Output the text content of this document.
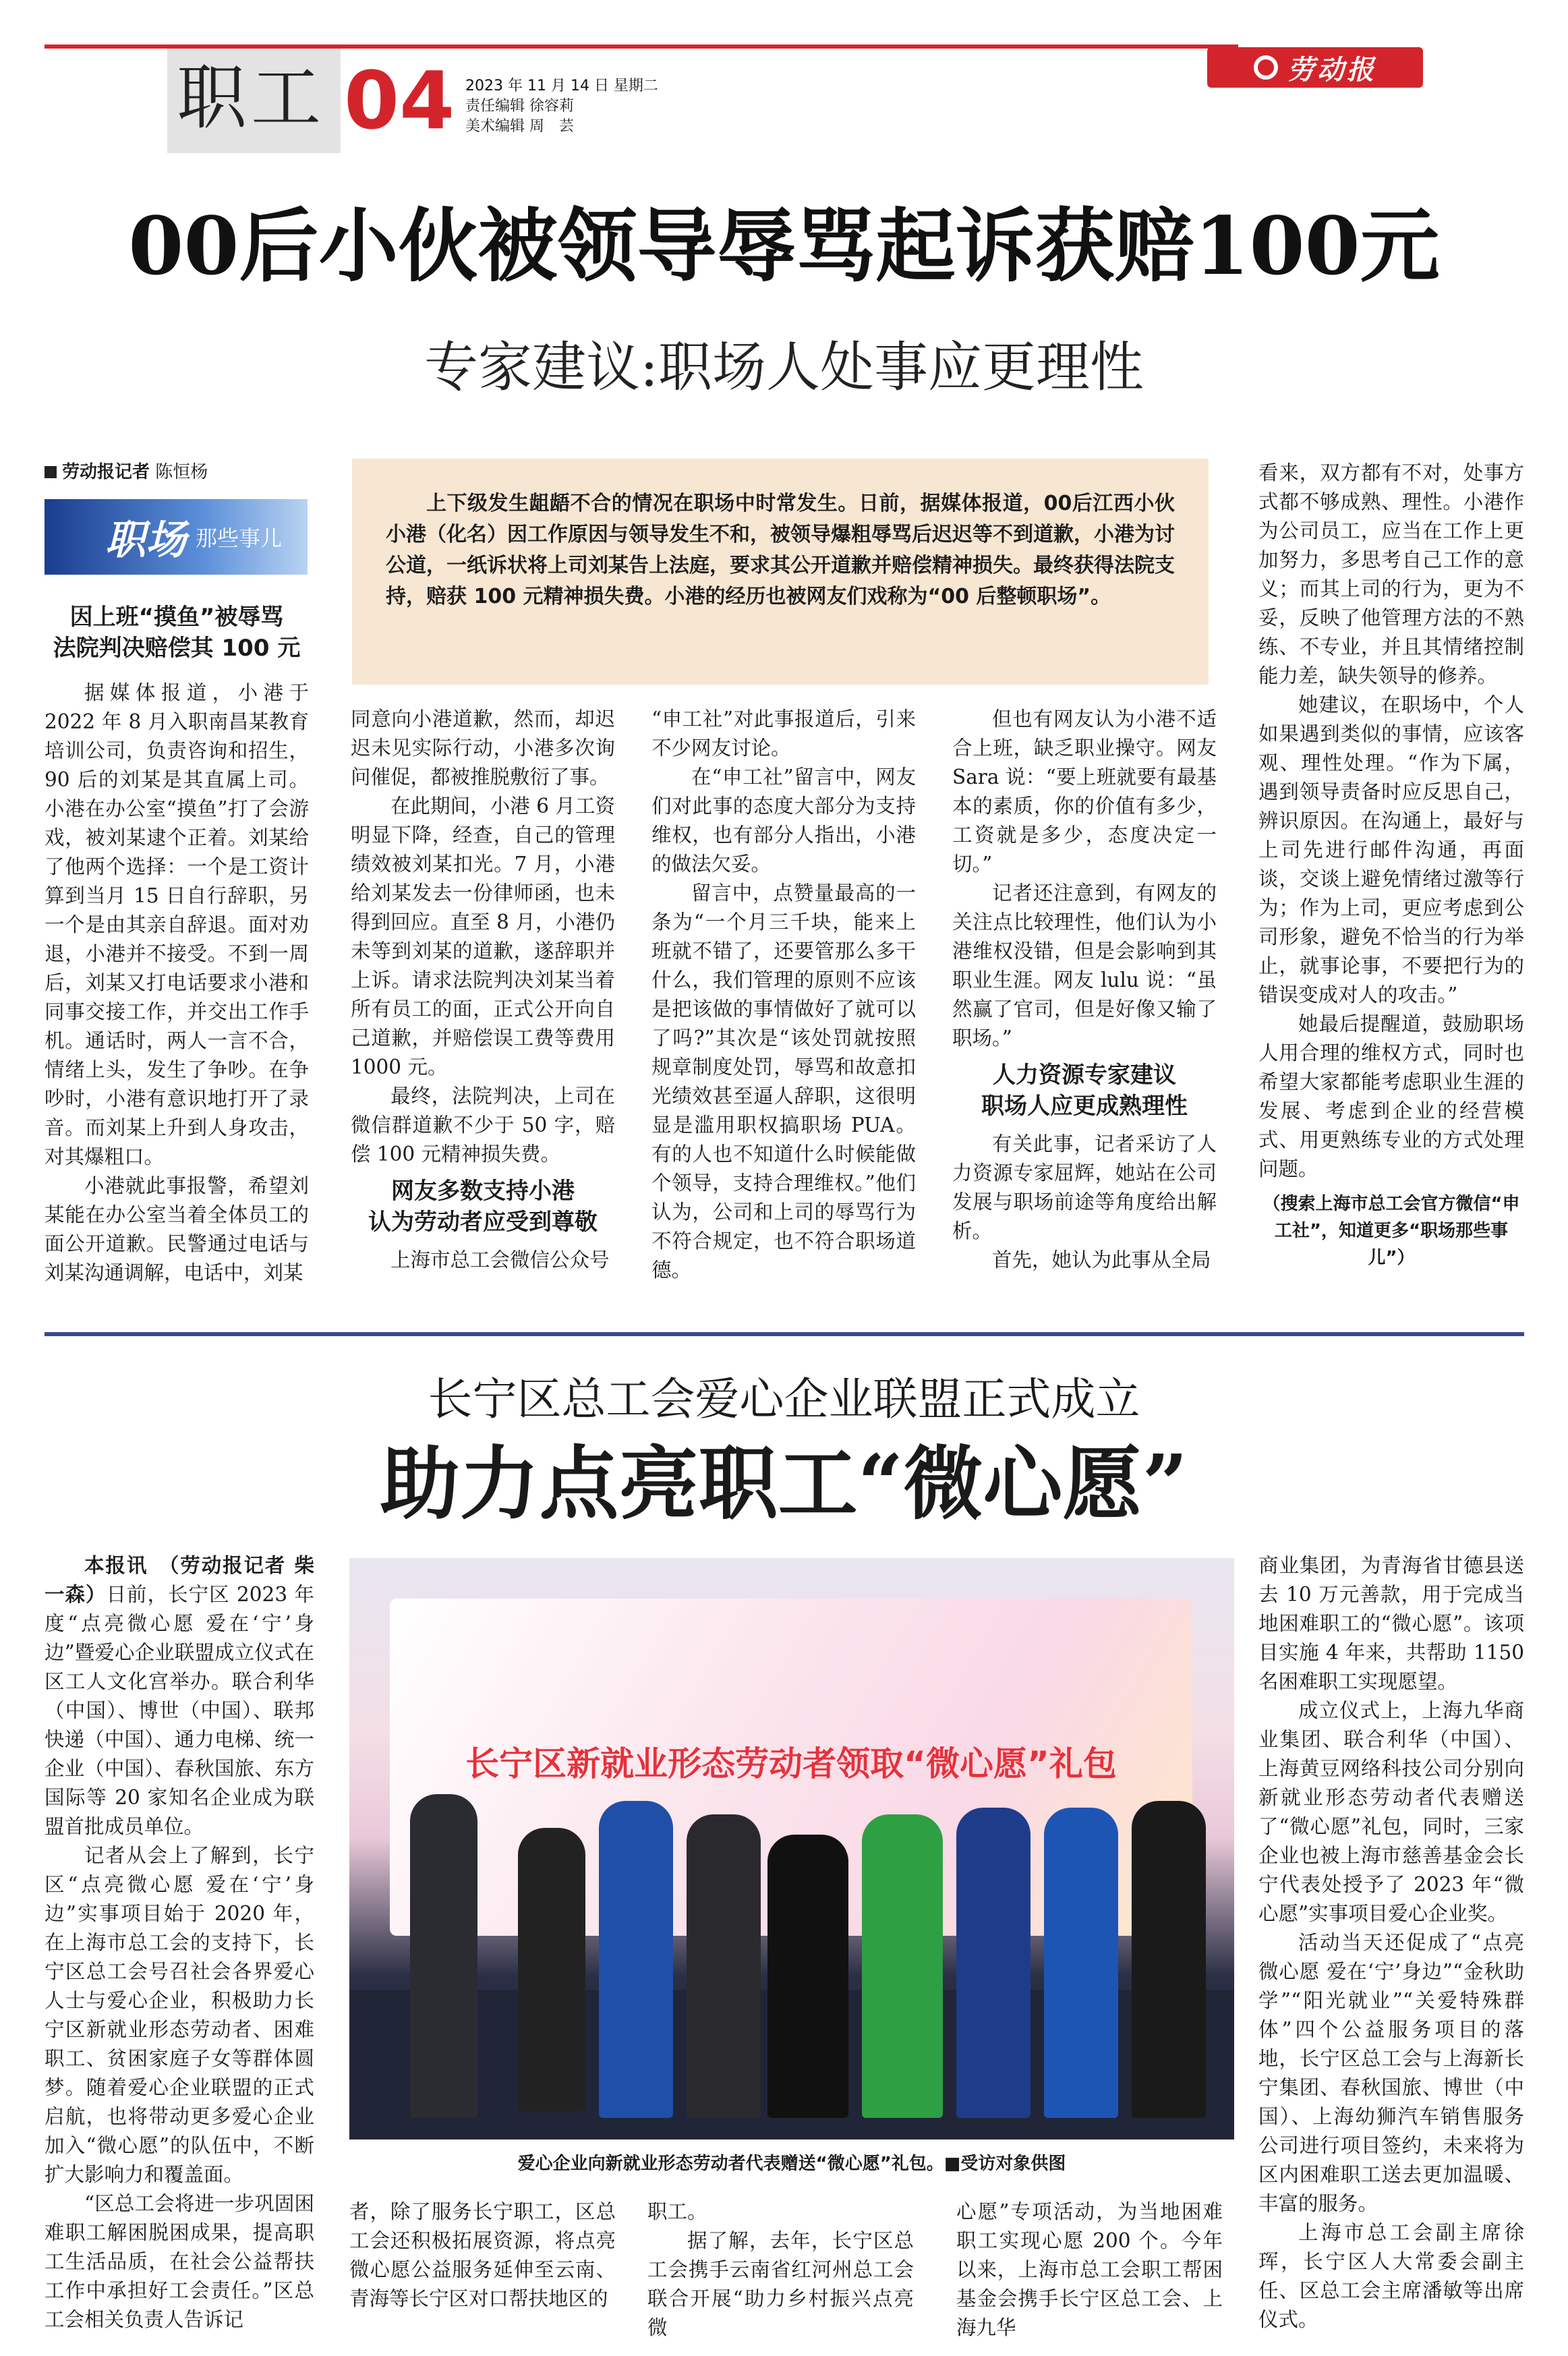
职工 04 2023 年 11 月 14 日 星期二
责任编辑 徐容莉
美术编辑 周　芸
劳动报
00后小伙被领导辱骂起诉获赔100元
专家建议:职场人处事应更理性
劳动报记者 陈恒杨
职场 那些事儿

上下级发生龃龉不合的情况在职场中时常发生。日前，据媒体报道，00后江西小伙小港（化名）因工作原因与领导发生不和，被领导爆粗辱骂后迟迟等不到道歉，小港为讨公道，一纸诉状将上司刘某告上法庭，要求其公开道歉并赔偿精神损失。最终获得法院支持，赔获 100 元精神损失费。小港的经历也被网友们戏称为“00 后整顿职场”。

因上班“摸鱼”被辱骂
法院判决赔偿其 100 元

据媒体报道，小港于 2022 年 8 月入职南昌某教育培训公司，负责咨询和招生，90 后的刘某是其直属上司。小港在办公室“摸鱼”打了会游戏，被刘某逮个正着。刘某给了他两个选择：一个是工资计算到当月 15 日自行辞职，另一个是由其亲自辞退。面对劝退，小港并不接受。不到一周后，刘某又打电话要求小港和同事交接工作，并交出工作手机。通话时，两人一言不合，情绪上头，发生了争吵。在争吵时，小港有意识地打开了录音。而刘某上升到人身攻击，对其爆粗口。

小港就此事报警，希望刘某能在办公室当着全体员工的面公开道歉。民警通过电话与刘某沟通调解，电话中，刘某

同意向小港道歉，然而，却迟迟未见实际行动，小港多次询问催促，都被推脱敷衍了事。

在此期间，小港 6 月工资明显下降，经查，自己的管理绩效被刘某扣光。7 月，小港给刘某发去一份律师函，也未得到回应。直至 8 月，小港仍未等到刘某的道歉，遂辞职并上诉。请求法院判决刘某当着所有员工的面，正式公开向自己道歉，并赔偿误工费等费用 1000 元。

最终，法院判决，上司在微信群道歉不少于 50 字，赔偿 100 元精神损失费。

网友多数支持小港
认为劳动者应受到尊敬

上海市总工会微信公众号

“申工社”对此事报道后，引来不少网友讨论。

在“申工社”留言中，网友们对此事的态度大部分为支持维权，也有部分人指出，小港的做法欠妥。

留言中，点赞量最高的一条为“一个月三千块，能来上班就不错了，还要管那么多干什么，我们管理的原则不应该是把该做的事情做好了就可以了吗?”其次是“该处罚就按照规章制度处罚，辱骂和故意扣光绩效甚至逼人辞职，这很明显是滥用职权搞职场 PUA。有的人也不知道什么时候能做个领导，支持合理维权。”他们认为，公司和上司的辱骂行为不符合规定，也不符合职场道德。

但也有网友认为小港不适合上班，缺乏职业操守。网友 Sara 说：“要上班就要有最基本的素质，你的价值有多少，工资就是多少，态度决定一切。”

记者还注意到，有网友的关注点比较理性，他们认为小港维权没错，但是会影响到其职业生涯。网友 lulu 说：“虽然赢了官司，但是好像又输了职场。”

人力资源专家建议
职场人应更成熟理性

有关此事，记者采访了人力资源专家屈辉，她站在公司发展与职场前途等角度给出解析。

首先，她认为此事从全局

看来，双方都有不对，处事方式都不够成熟、理性。小港作为公司员工，应当在工作上更加努力，多思考自己工作的意义；而其上司的行为，更为不妥，反映了他管理方法的不熟练、不专业，并且其情绪控制能力差，缺失领导的修养。

她建议，在职场中，个人如果遇到类似的事情，应该客观、理性处理。“作为下属，遇到领导责备时应反思自己，辨识原因。在沟通上，最好与上司先进行邮件沟通，再面谈，交谈上避免情绪过激等行为；作为上司，更应考虑到公司形象，避免不恰当的行为举止，就事论事，不要把行为的错误变成对人的攻击。”

她最后提醒道，鼓励职场人用合理的维权方式，同时也希望大家都能考虑职业生涯的发展、考虑到企业的经营模式、用更熟练专业的方式处理问题。

（搜索上海市总工会官方微信“申工社”，知道更多“职场那些事儿”）

长宁区总工会爱心企业联盟正式成立
助力点亮职工“微心愿”

本报讯　（劳动报记者 柴一森）日前，长宁区 2023 年度“点亮微心愿 爱在‘宁’身边”暨爱心企业联盟成立仪式在区工人文化宫举办。联合利华（中国）、博世（中国）、联邦快递（中国）、通力电梯、统一企业（中国）、春秋国旅、东方国际等 20 家知名企业成为联盟首批成员单位。

记者从会上了解到，长宁区“点亮微心愿 爱在‘宁’身边”实事项目始于 2020 年，在上海市总工会的支持下，长宁区总工会号召社会各界爱心人士与爱心企业，积极助力长宁区新就业形态劳动者、困难职工、贫困家庭子女等群体圆梦。随着爱心企业联盟的正式启航，也将带动更多爱心企业加入“微心愿”的队伍中，不断扩大影响力和覆盖面。

“区总工会将进一步巩固困难职工解困脱困成果，提高职工生活品质，在社会公益帮扶工作中承担好工会责任。”区总工会相关负责人告诉记

长宁区新就业形态劳动者领取“微心愿”礼包
爱心企业向新就业形态劳动者代表赠送“微心愿”礼包。■受访对象供图

者，除了服务长宁职工，区总工会还积极拓展资源，将点亮微心愿公益服务延伸至云南、青海等长宁区对口帮扶地区的

职工。

据了解，去年，长宁区总工会携手云南省红河州总工会联合开展“助力乡村振兴点亮微

心愿”专项活动，为当地困难职工实现心愿 200 个。今年以来，上海市总工会职工帮困基金会携手长宁区总工会、上海九华

商业集团，为青海省甘德县送去 10 万元善款，用于完成当地困难职工的“微心愿”。该项目实施 4 年来，共帮助 1150 名困难职工实现愿望。

成立仪式上，上海九华商业集团、联合利华（中国）、上海黄豆网络科技公司分别向新就业形态劳动者代表赠送了“微心愿”礼包，同时，三家企业也被上海市慈善基金会长宁代表处授予了 2023 年“微心愿”实事项目爱心企业奖。

活动当天还促成了“点亮微心愿 爱在‘宁’身边”“金秋助学”“阳光就业”“关爱特殊群体”四个公益服务项目的落地，长宁区总工会与上海新长宁集团、春秋国旅、博世（中国）、上海幼狮汽车销售服务公司进行项目签约，未来将为区内困难职工送去更加温暖、丰富的服务。

上海市总工会副主席徐珲，长宁区人大常委会副主任、区总工会主席潘敏等出席仪式。
